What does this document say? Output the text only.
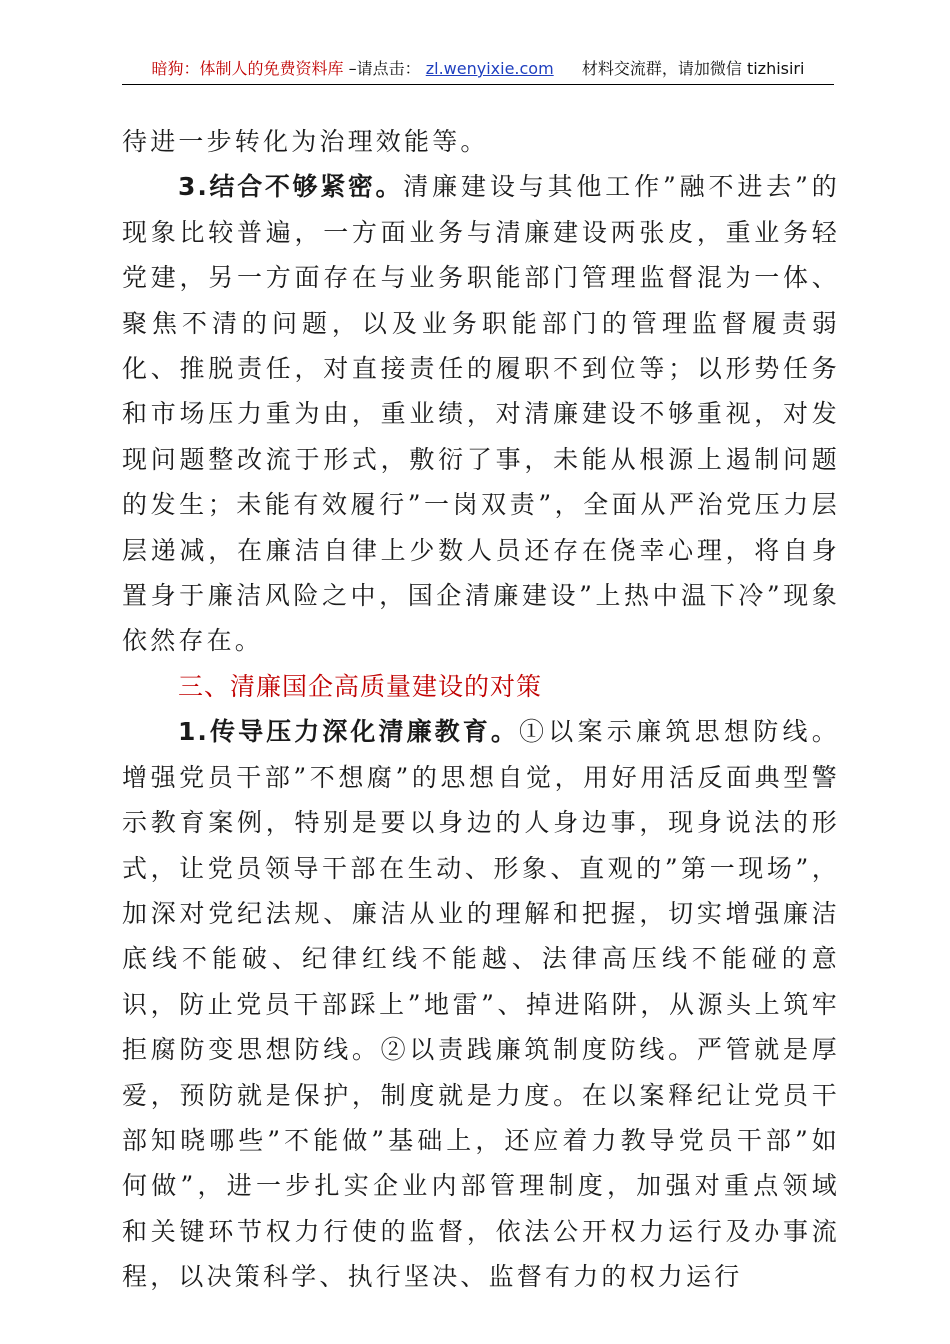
暗狗：体制人的免费资料库 –请点击： zl.wenyixie.com 材料交流群，请加微信 tizhisiri

待进一步转化为治理效能等。

3.结合不够紧密。清廉建设与其他工作”融不进去”的现象比较普遍，一方面业务与清廉建设两张皮，重业务轻党建，另一方面存在与业务职能部门管理监督混为一体、聚焦不清的问题，以及业务职能部门的管理监督履责弱化、推脱责任，对直接责任的履职不到位等；以形势任务和市场压力重为由，重业绩，对清廉建设不够重视，对发现问题整改流于形式，敷衍了事，未能从根源上遏制问题的发生；未能有效履行”一岗双责”，全面从严治党压力层层递减，在廉洁自律上少数人员还存在侥幸心理，将自身置身于廉洁风险之中，国企清廉建设”上热中温下冷”现象依然存在。

三、清廉国企高质量建设的对策

1.传导压力深化清廉教育。①以案示廉筑思想防线。增强党员干部”不想腐”的思想自觉，用好用活反面典型警示教育案例，特别是要以身边的人身边事，现身说法的形式，让党员领导干部在生动、形象、直观的”第一现场”，加深对党纪法规、廉洁从业的理解和把握，切实增强廉洁底线不能破、纪律红线不能越、法律高压线不能碰的意识，防止党员干部踩上”地雷”、掉进陷阱，从源头上筑牢拒腐防变思想防线。②以责践廉筑制度防线。严管就是厚爱，预防就是保护，制度就是力度。在以案释纪让党员干部知晓哪些”不能做”基础上，还应着力教导党员干部”如何做”，进一步扎实企业内部管理制度，加强对重点领域和关键环节权力行使的监督，依法公开权力运行及办事流程，以决策科学、执行坚决、监督有力的权力运行
